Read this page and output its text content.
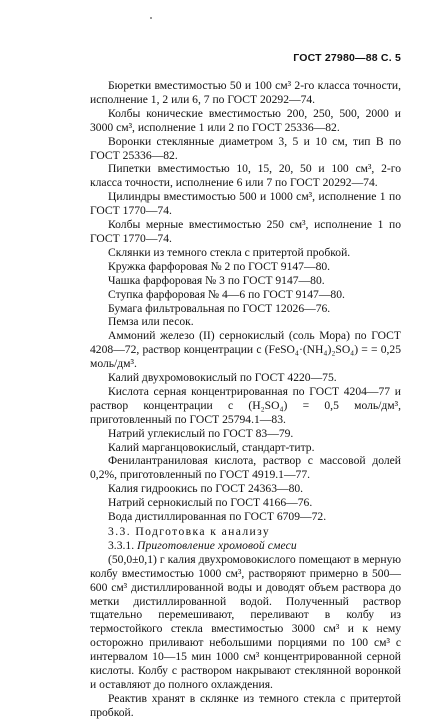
ГОСТ 27980—88 С. 5

Бюретки вместимостью 50 и 100 см³ 2-го класса точности, исполнение 1, 2 или 6, 7 по ГОСТ 20292—74.

Колбы конические вместимостью 200, 250, 500, 2000 и 3000 см³, исполнение 1 или 2 по ГОСТ 25336—82.

Воронки стеклянные диаметром 3, 5 и 10 см, тип В по ГОСТ 25336—82.

Пипетки вместимостью 10, 15, 20, 50 и 100 см³, 2-го класса точности, исполнение 6 или 7 по ГОСТ 20292—74.

Цилиндры вместимостью 500 и 1000 см³, исполнение 1 по ГОСТ 1770—74.

Колбы мерные вместимостью 250 см³, исполнение 1 по ГОСТ 1770—74.

Склянки из темного стекла с притертой пробкой.

Кружка фарфоровая № 2 по ГОСТ 9147—80.

Чашка фарфоровая № 3 по ГОСТ 9147—80.

Ступка фарфоровая № 4—6 по ГОСТ 9147—80.

Бумага фильтровальная по ГОСТ 12026—76.

Пемза или песок.

Аммоний железо (II) сернокислый (соль Мора) по ГОСТ 4208—72, раствор концентрации c (FeSO₄·(NH₄)₂SO₄) = = 0,25 моль/дм³.

Калий двухромовокислый по ГОСТ 4220—75.

Кислота серная концентрированная по ГОСТ 4204—77 и раствор концентрации c (H₂SO₄) = 0,5 моль/дм³, приготовленный по ГОСТ 25794.1—83.

Натрий углекислый по ГОСТ 83—79.

Калий марганцовокислый, стандарт-титр.

Фенилантраниловая кислота, раствор с массовой долей 0,2%, приготовленный по ГОСТ 4919.1—77.

Калия гидроокись по ГОСТ 24363—80.

Натрий сернокислый по ГОСТ 4166—76.

Вода дистиллированная по ГОСТ 6709—72.

3.3. Подготовка к анализу

3.3.1. Приготовление хромовой смеси

(50,0±0,1) г калия двухромовокислого помещают в мерную колбу вместимостью 1000 см³, растворяют примерно в 500—600 см³ дистиллированной воды и доводят объем раствора до метки дистиллированной водой. Полученный раствор тщательно перемешивают, переливают в колбу из термостойкого стекла вместимостью 3000 см³ и к нему осторожно приливают небольшими порциями по 100 см³ с интервалом 10—15 мин 1000 см³ концентрированной серной кислоты. Колбу с раствором накрывают стеклянной воронкой и оставляют до полного охлаждения.

Реактив хранят в склянке из темного стекла с притертой пробкой.
